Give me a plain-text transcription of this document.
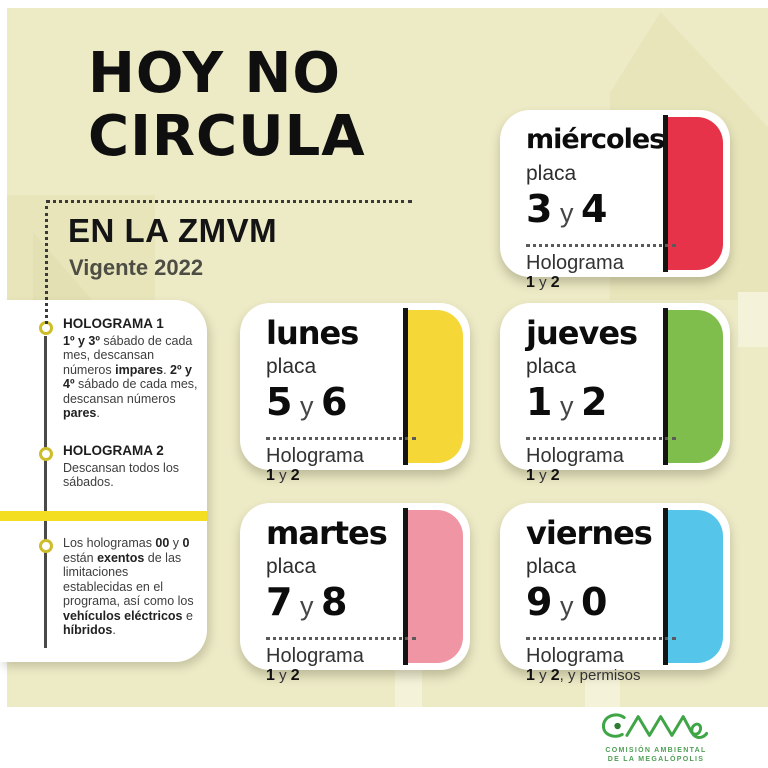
HOY NO
CIRCULA
EN LA ZMVM
Vigente 2022
HOLOGRAMA 1
1º y 3º sábado de cada mes, descansan números impares. 2º y 4º sábado de cada mes, descansan números pares.
HOLOGRAMA 2
Descansan todos los sábados.
Los hologramas 00 y 0 están exentos de las limitaciones establecidas en el programa, así como los vehículos eléctricos e híbridos.
miércoles
placa
3 y 4
Holograma
1 y 2
lunes
placa
5 y 6
Holograma
1 y 2
jueves
placa
1 y 2
Holograma
1 y 2
martes
placa
7 y 8
Holograma
1 y 2
viernes
placa
9 y 0
Holograma
1 y 2, y permisos
COMISIÓN AMBIENTAL
DE LA MEGALÓPOLIS
